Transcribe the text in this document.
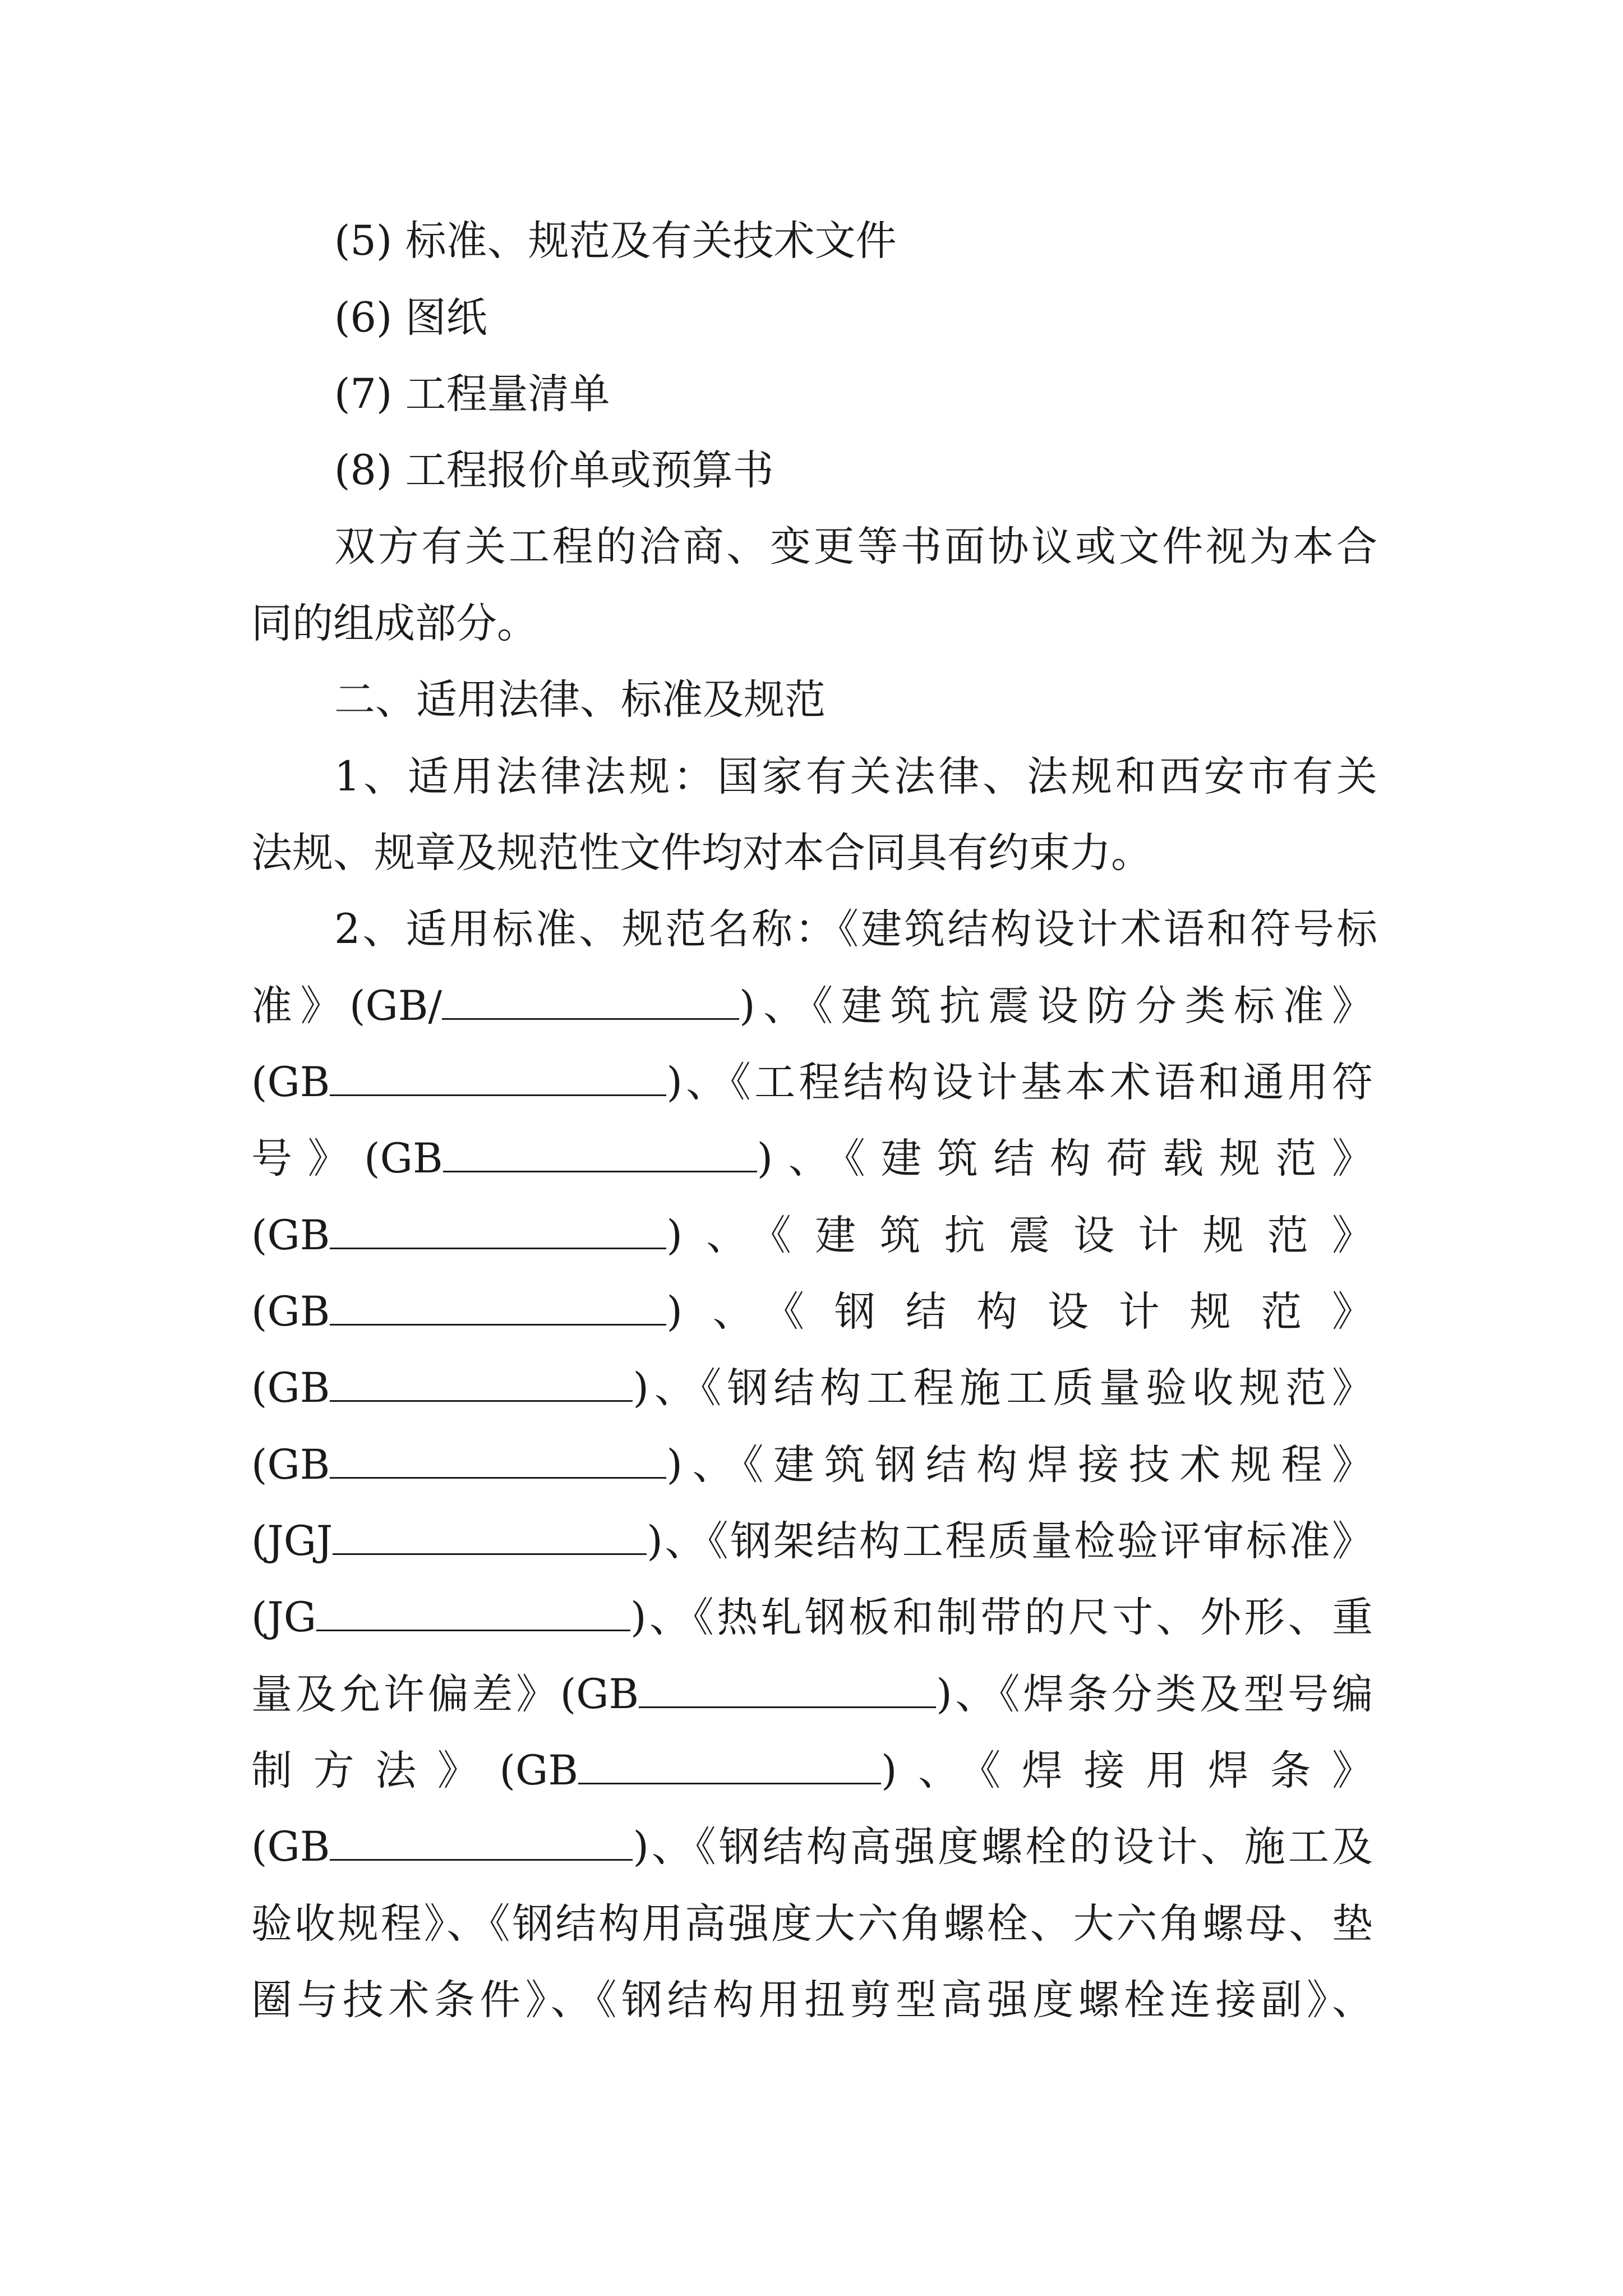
(5) 标准、规范及有关技术文件
(6) 图纸
(7) 工程量清单
(8) 工程报价单或预算书
双方有关工程的洽商、变更等书面协议或文件视为本合
同的组成部分。
二、适用法律、标准及规范
1、适用法律法规：国家有关法律、法规和西安市有关
法规、规章及规范性文件均对本合同具有约束力。
2、适用标准、规范名称：《建筑结构设计术语和符号标
准》(GB/	)、《建筑抗震设防分类标准》
(GB	)、《工程结构设计基本术语和通用符
号》(GB	)、《建筑结构荷载规范》
(GB	)、《建筑抗震设计规范》
(GB	)、《钢结构设计规范》
(GB	)、《钢结构工程施工质量验收规范》
(GB	)、《建筑钢结构焊接技术规程》
(JGJ	)、《钢架结构工程质量检验评审标准》
(JG	)、《热轧钢板和制带的尺寸、外形、重
量及允许偏差》(GB	)、《焊条分类及型号编
制方法》(GB	)、《焊接用焊条》
(GB	)、《钢结构高强度螺栓的设计、施工及
验收规程》、《钢结构用高强度大六角螺栓、大六角螺母、垫
圈与技术条件》、《钢结构用扭剪型高强度螺栓连接副》、
